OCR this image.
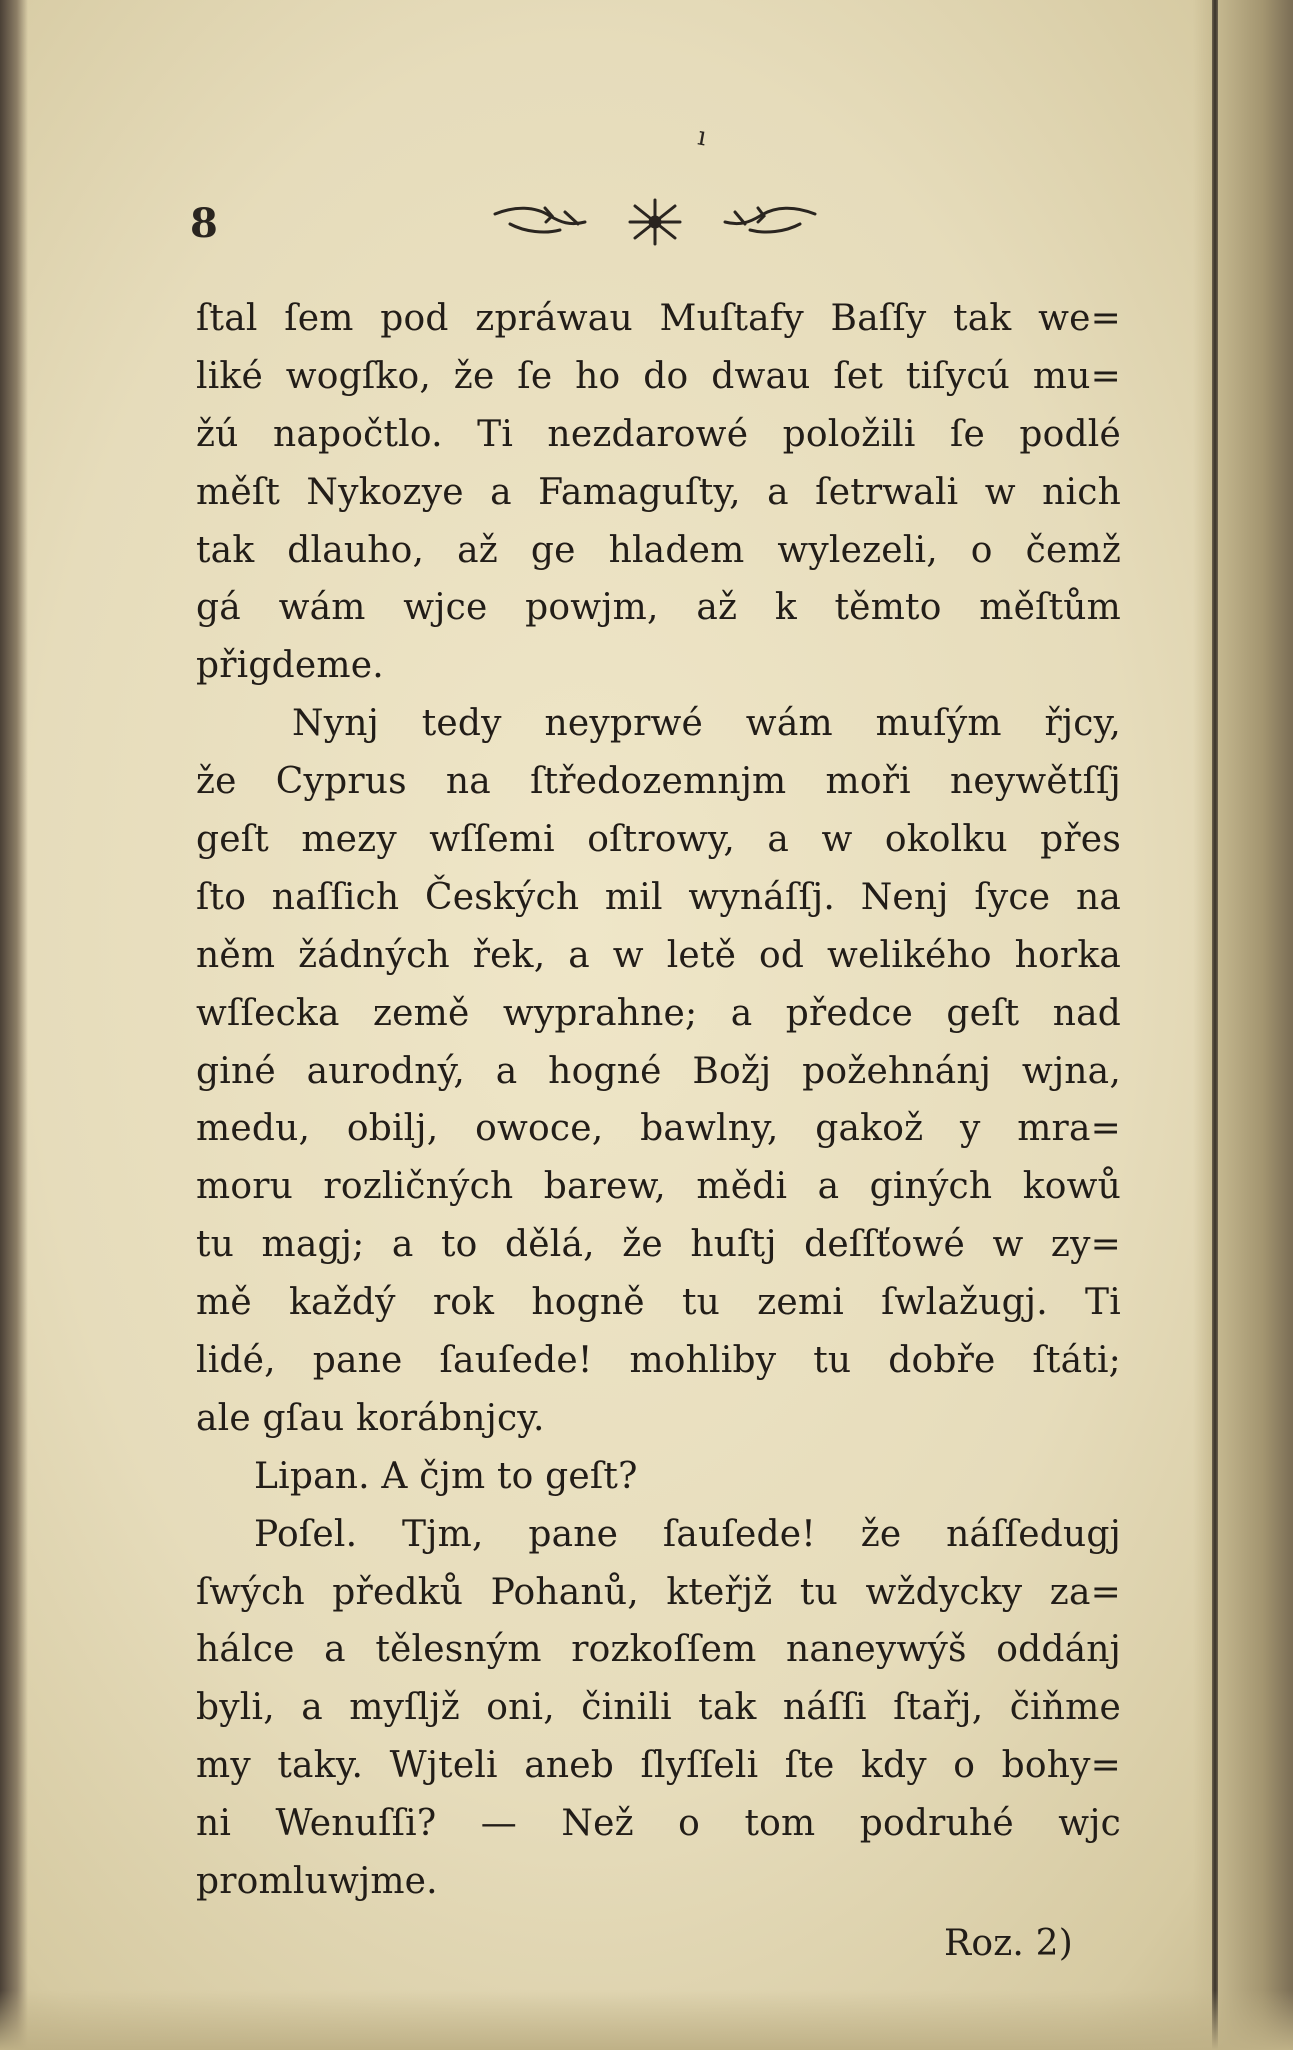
ı
8
ſtal ſem pod zpráwau Muſtafy Baſſy tak we=
liké wogſko, že ſe ho do dwau ſet tiſycú mu=
žú napočtlo. Ti nezdarowé položili ſe podlé
měſt Nykozye a Famaguſty, a ſetrwali w nich
tak dlauho, až ge hladem wylezeli, o čemž
gá wám wjce powjm, až k těmto měſtům
přigdeme.
Nynj tedy neyprwé wám muſým řjcy,
že Cyprus na ſtředozemnjm moři neywětſſj
geſt mezy wſſemi oſtrowy, a w okolku přes
ſto naſſich Českých mil wynáſſj. Nenj ſyce na
něm žádných řek, a w letě od welikého horka
wſſecka země wyprahne; a předce geſt nad
giné aurodný, a hogné Božj požehnánj wjna,
medu, obilj, owoce, bawlny, gakož y mra=
moru rozličných barew, mědi a giných kowů
tu magj; a to dělá, že huſtj deſſťowé w zy=
mě každý rok hogně tu zemi ſwlažugj. Ti
lidé, pane ſauſede! mohliby tu dobře ſtáti;
ale gſau korábnjcy.
Lipan. A čjm to geſt?
Poſel. Tjm, pane ſauſede! že náſſedugj
ſwých předků Pohanů, kteřjž tu wždycky za=
hálce a tělesným rozkoſſem naneywýš oddánj
byli, a myſljž oni, činili tak náſſi ſtařj, čiňme
my taky. Wjteli aneb ſlyſſeli ſte kdy o bohy=
ni Wenuſſi? — Než o tom podruhé wjc
promluwjme.
Roz. 2)
